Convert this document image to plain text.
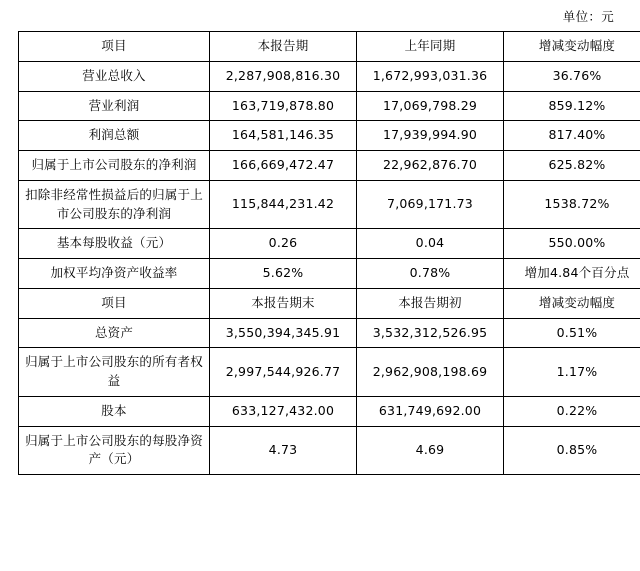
单位：元
项目	本报告期	上年同期	增减变动幅度
营业总收入	2,287,908,816.30	1,672,993,031.36	36.76%
营业利润	163,719,878.80	17,069,798.29	859.12%
利润总额	164,581,146.35	17,939,994.90	817.40%
归属于上市公司股东的净利润	166,669,472.47	22,962,876.70	625.82%
扣除非经常性损益后的归属于上市公司股东的净利润	115,844,231.42	7,069,171.73	1538.72%
基本每股收益（元）	0.26	0.04	550.00%
加权平均净资产收益率	5.62%	0.78%	增加4.84个百分点
项目	本报告期末	本报告期初	增减变动幅度
总资产	3,550,394,345.91	3,532,312,526.95	0.51%
归属于上市公司股东的所有者权益	2,997,544,926.77	2,962,908,198.69	1.17%
股本	633,127,432.00	631,749,692.00	0.22%
归属于上市公司股东的每股净资产（元）	4.73	4.69	0.85%
